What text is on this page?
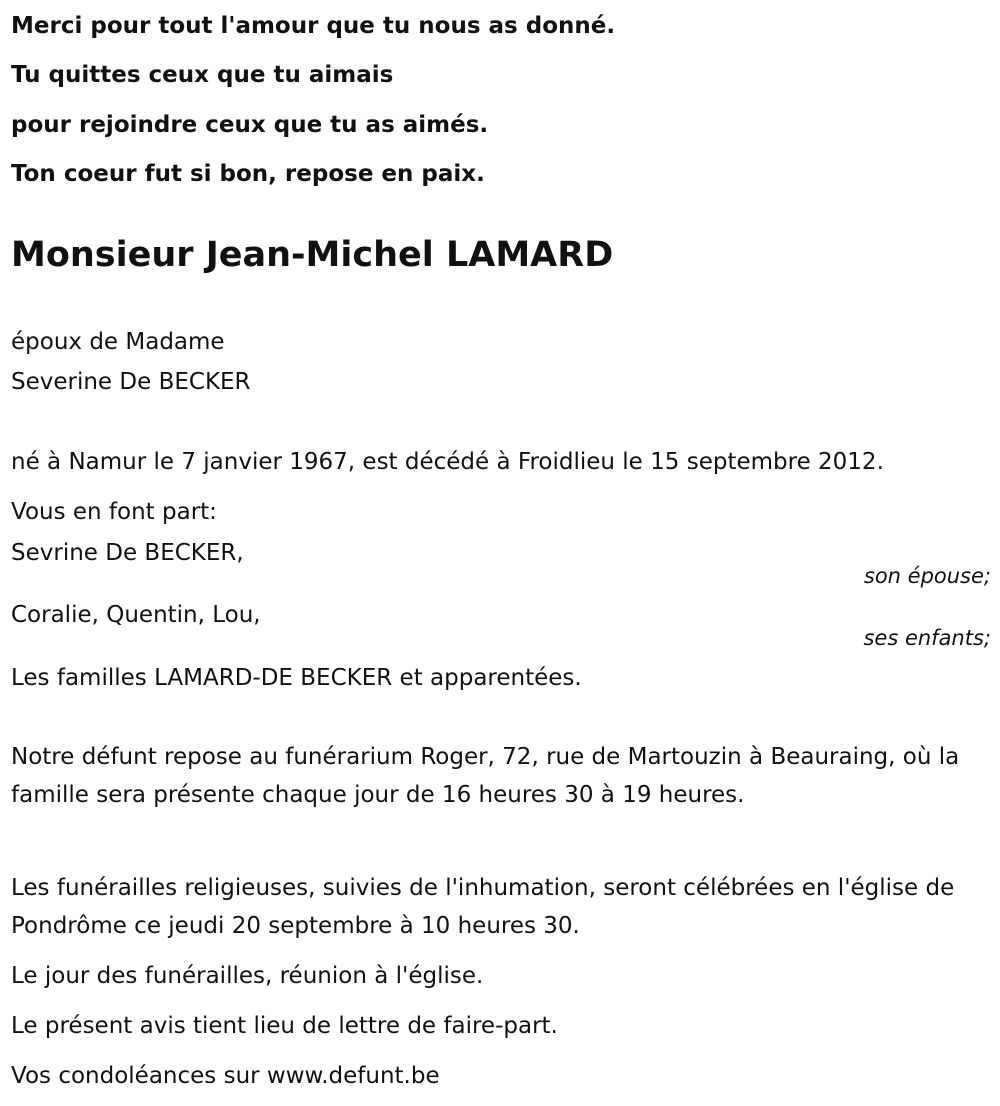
Merci pour tout l'amour que tu nous as donné.
Tu quittes ceux que tu aimais
pour rejoindre ceux que tu as aimés.
Ton coeur fut si bon, repose en paix.
Monsieur Jean-Michel LAMARD
époux de Madame
Severine De BECKER
né à Namur le 7 janvier 1967, est décédé à Froidlieu le 15 septembre 2012.
Vous en font part:
Sevrine De BECKER,
son épouse;
Coralie, Quentin, Lou,
ses enfants;
Les familles LAMARD-DE BECKER et apparentées.
Notre défunt repose au funérarium Roger, 72, rue de Martouzin à Beauraing, où la famille sera présente chaque jour de 16 heures 30 à 19 heures.
Les funérailles religieuses, suivies de l'inhumation, seront célébrées en l'église de Pondrôme ce jeudi 20 septembre à 10 heures 30.
Le jour des funérailles, réunion à l'église.
Le présent avis tient lieu de lettre de faire-part.
Vos condoléances sur www.defunt.be
